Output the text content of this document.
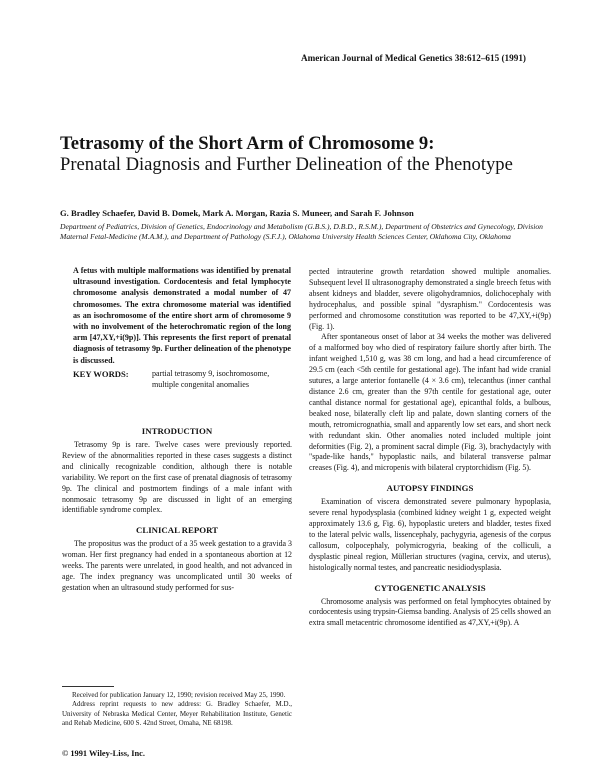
American Journal of Medical Genetics 38:612–615 (1991)
Tetrasomy of the Short Arm of Chromosome 9:
Prenatal Diagnosis and Further Delineation of the Phenotype
G. Bradley Schaefer, David B. Domek, Mark A. Morgan, Razia S. Muneer, and Sarah F. Johnson
Department of Pediatrics, Division of Genetics, Endocrinology and Metabolism (G.B.S.), D.B.D., R.S.M.), Department of Obstetrics and Gynecology, Division Maternal Fetal-Medicine (M.A.M.), and Department of Pathology (S.F.J.), Oklahoma University Health Sciences Center, Oklahoma City, Oklahoma
A fetus with multiple malformations was identified by prenatal ultrasound investigation. Cordocentesis and fetal lymphocyte chromosome analysis demonstrated a modal number of 47 chromosomes. The extra chromosome material was identified as an isochromosome of the entire short arm of chromosome 9 with no involvement of the heterochromatic region of the long arm [47,XY,+i(9p)]. This represents the first report of prenatal diagnosis of tetrasomy 9p. Further delineation of the phenotype is discussed.
KEY WORDS:	partial tetrasomy 9, isochromosome, multiple congenital anomalies
INTRODUCTION

Tetrasomy 9p is rare. Twelve cases were previously reported. Review of the abnormalities reported in these cases suggests a distinct and clinically recognizable condition, although there is notable variability. We report on the first case of prenatal diagnosis of tetrasomy 9p. The clinical and postmortem findings of a male infant with nonmosaic tetrasomy 9p are discussed in light of an emerging identifiable syndrome complex.

CLINICAL REPORT

The propositus was the product of a 35 week gestation to a gravida 3 woman. Her first pregnancy had ended in a spontaneous abortion at 12 weeks. The parents were unrelated, in good health, and not advanced in age. The index pregnancy was uncomplicated until 30 weeks of gestation when an ultrasound study performed for sus-

Received for publication January 12, 1990; revision received May 25, 1990.

Address reprint requests to new address: G. Bradley Schaefer, M.D., University of Nebraska Medical Center, Meyer Rehabilitation Institute, Genetic and Rehab Medicine, 600 S. 42nd Street, Omaha, NE 68198.

© 1991 Wiley-Liss, Inc.

pected intrauterine growth retardation showed multiple anomalies. Subsequent level II ultrasonography demonstrated a single breech fetus with absent kidneys and bladder, severe oligohydramnios, dolichocephaly with hydrocephalus, and possible spinal "dysraphism." Cordocentesis was performed and chromosome constitution was reported to be 47,XY,+i(9p) (Fig. 1).

After spontaneous onset of labor at 34 weeks the mother was delivered of a malformed boy who died of respiratory failure shortly after birth. The infant weighed 1,510 g, was 38 cm long, and had a head circumference of 29.5 cm (each <5th centile for gestational age). The infant had wide cranial sutures, a large anterior fontanelle (4 × 3.6 cm), telecanthus (inner canthal distance 2.6 cm, greater than the 97th centile for gestational age, outer canthal distance normal for gestational age), epicanthal folds, a bulbous, beaked nose, bilaterally cleft lip and palate, down slanting corners of the mouth, retromicrognathia, small and apparently low set ears, and short neck with redundant skin. Other anomalies noted included multiple joint deformities (Fig. 2), a prominent sacral dimple (Fig. 3), brachydactyly with "spade-like hands," hypoplastic nails, and bilateral transverse palmar creases (Fig. 4), and micropenis with bilateral cryptorchidism (Fig. 5).

AUTOPSY FINDINGS

Examination of viscera demonstrated severe pulmonary hypoplasia, severe renal hypodysplasia (combined kidney weight 1 g, expected weight approximately 13.6 g, Fig. 6), hypoplastic ureters and bladder, testes fixed to the lateral pelvic walls, lissencephaly, pachygyria, agenesis of the corpus callosum, colpocephaly, polymicrogyria, beaking of the colliculi, a dysplastic pineal region, Müllerian structures (vagina, cervix, and uterus), histologically normal testes, and pancreatic nesidiodysplasia.

CYTOGENETIC ANALYSIS

Chromosome analysis was performed on fetal lymphocytes obtained by cordocentesis using trypsin-Giemsa banding. Analysis of 25 cells showed an extra small metacentric chromosome identified as 47,XY,+i(9p). A
